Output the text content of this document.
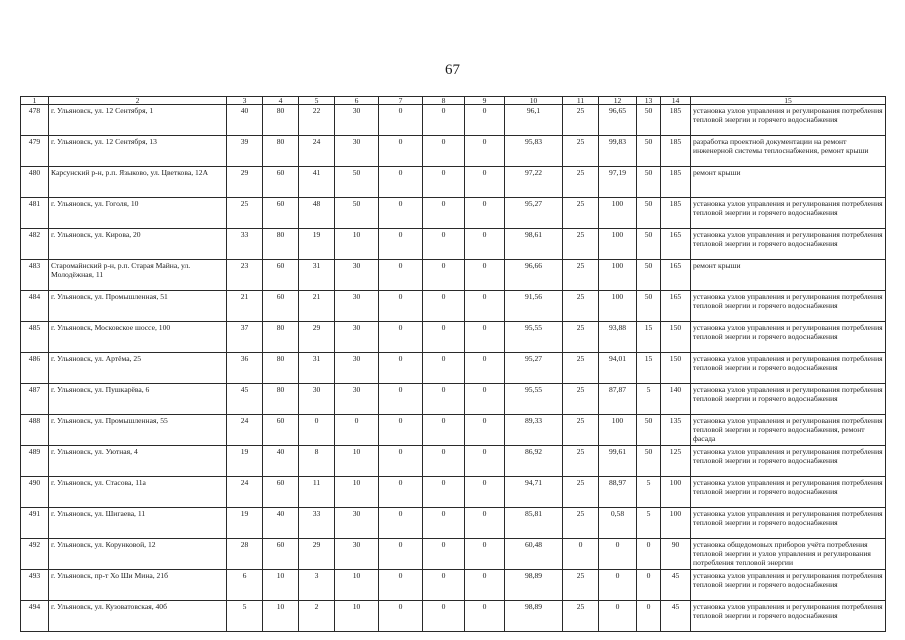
67
1	2	3	4	5	6	7	8	9	10	11	12	13	14	15
478	г. Ульяновск, ул. 12 Сентября, 1	40	80	22	30	0	0	0	96,1	25	96,65	50	185	установка узлов управления и регулирования потребления тепловой энергии и горячего водоснабжения
479	г. Ульяновск, ул. 12 Сентября, 13	39	80	24	30	0	0	0	95,83	25	99,83	50	185	разработка проектной документации на ремонт инженерной системы теплоснабжения, ремонт крыши
480	Карсунский р-н, р.п. Языково, ул. Цветкова, 12А	29	60	41	50	0	0	0	97,22	25	97,19	50	185	ремонт крыши
481	г. Ульяновск, ул. Гоголя, 10	25	60	48	50	0	0	0	95,27	25	100	50	185	установка узлов управления и регулирования потребления тепловой энергии и горячего водоснабжения
482	г. Ульяновск, ул. Кирова, 20	33	80	19	10	0	0	0	98,61	25	100	50	165	установка узлов управления и регулирования потребления тепловой энергии и горячего водоснабжения
483	Старомайнский р-н, р.п. Старая Майна, ул. Молодёжная, 11	23	60	31	30	0	0	0	96,66	25	100	50	165	ремонт крыши
484	г. Ульяновск, ул. Промышленная, 51	21	60	21	30	0	0	0	91,56	25	100	50	165	установка узлов управления и регулирования потребления тепловой энергии и горячего водоснабжения
485	г. Ульяновск, Московское шоссе, 100	37	80	29	30	0	0	0	95,55	25	93,88	15	150	установка узлов управления и регулирования потребления тепловой энергии и горячего водоснабжения
486	г. Ульяновск, ул. Артёма, 25	36	80	31	30	0	0	0	95,27	25	94,01	15	150	установка узлов управления и регулирования потребления тепловой энергии и горячего водоснабжения
487	г. Ульяновск, ул. Пушкарёва, 6	45	80	30	30	0	0	0	95,55	25	87,87	5	140	установка узлов управления и регулирования потребления тепловой энергии и горячего водоснабжения
488	г. Ульяновск, ул. Промышленная, 55	24	60	0	0	0	0	0	89,33	25	100	50	135	установка узлов управления и регулирования потребления тепловой энергии и горячего водоснабжения, ремонт фасада
489	г. Ульяновск, ул. Уютная, 4	19	40	8	10	0	0	0	86,92	25	99,61	50	125	установка узлов управления и регулирования потребления тепловой энергии и горячего водоснабжения
490	г. Ульяновск, ул. Стасова, 11а	24	60	11	10	0	0	0	94,71	25	88,97	5	100	установка узлов управления и регулирования потребления тепловой энергии и горячего водоснабжения
491	г. Ульяновск, ул. Шигаева, 11	19	40	33	30	0	0	0	85,81	25	0,58	5	100	установка узлов управления и регулирования потребления тепловой энергии и горячего водоснабжения
492	г. Ульяновск, ул. Корунковой, 12	28	60	29	30	0	0	0	60,48	0	0	0	90	установка общедомовых приборов учёта потребления тепловой энергии и узлов управления и регулирования потребления тепловой энергии
493	г. Ульяновск, пр-т Хо Ши Мина, 21б	6	10	3	10	0	0	0	98,89	25	0	0	45	установка узлов управления и регулирования потребления тепловой энергии и горячего водоснабжения
494	г. Ульяновск, ул. Кузоватовская, 40б	5	10	2	10	0	0	0	98,89	25	0	0	45	установка узлов управления и регулирования потребления тепловой энергии и горячего водоснабжения
